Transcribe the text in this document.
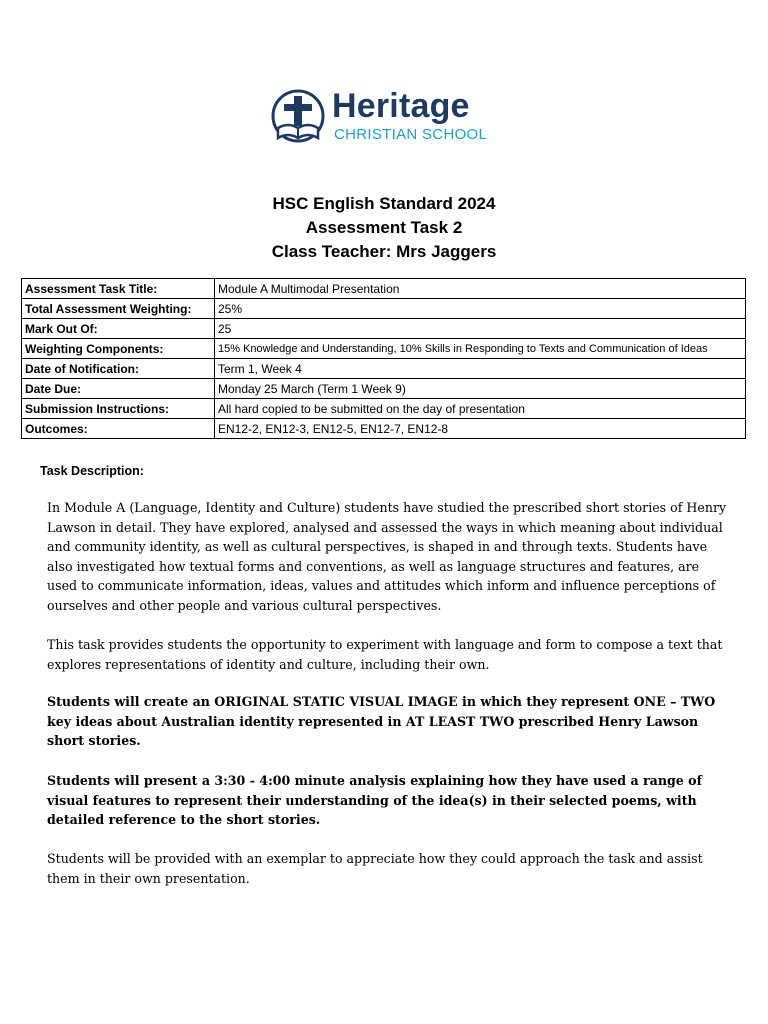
Heritage
CHRISTIAN SCHOOL
HSC English Standard 2024
Assessment Task 2
Class Teacher: Mrs Jaggers
Assessment Task Title:	Module A Multimodal Presentation
Total Assessment Weighting:	25%
Mark Out Of:	25
Weighting Components:	15% Knowledge and Understanding, 10% Skills in Responding to Texts and Communication of Ideas
Date of Notification:	Term 1, Week 4
Date Due:	Monday 25 March (Term 1 Week 9)
Submission Instructions:	All hard copied to be submitted on the day of presentation
Outcomes:	EN12-2, EN12-3, EN12-5, EN12-7, EN12-8
Task Description:
In Module A (Language, Identity and Culture) students have studied the prescribed short stories of Henry Lawson in detail. They have explored, analysed and assessed the ways in which meaning about individual and community identity, as well as cultural perspectives, is shaped in and through texts. Students have also investigated how textual forms and conventions, as well as language structures and features, are used to communicate information, ideas, values and attitudes which inform and influence perceptions of ourselves and other people and various cultural perspectives.
This task provides students the opportunity to experiment with language and form to compose a text that explores representations of identity and culture, including their own.
Students will create an ORIGINAL STATIC VISUAL IMAGE in which they represent ONE – TWO key ideas about Australian identity represented in AT LEAST TWO prescribed Henry Lawson short stories.
Students will present a 3:30 - 4:00 minute analysis explaining how they have used a range of visual features to represent their understanding of the idea(s) in their selected poems, with detailed reference to the short stories.
Students will be provided with an exemplar to appreciate how they could approach the task and assist them in their own presentation.
